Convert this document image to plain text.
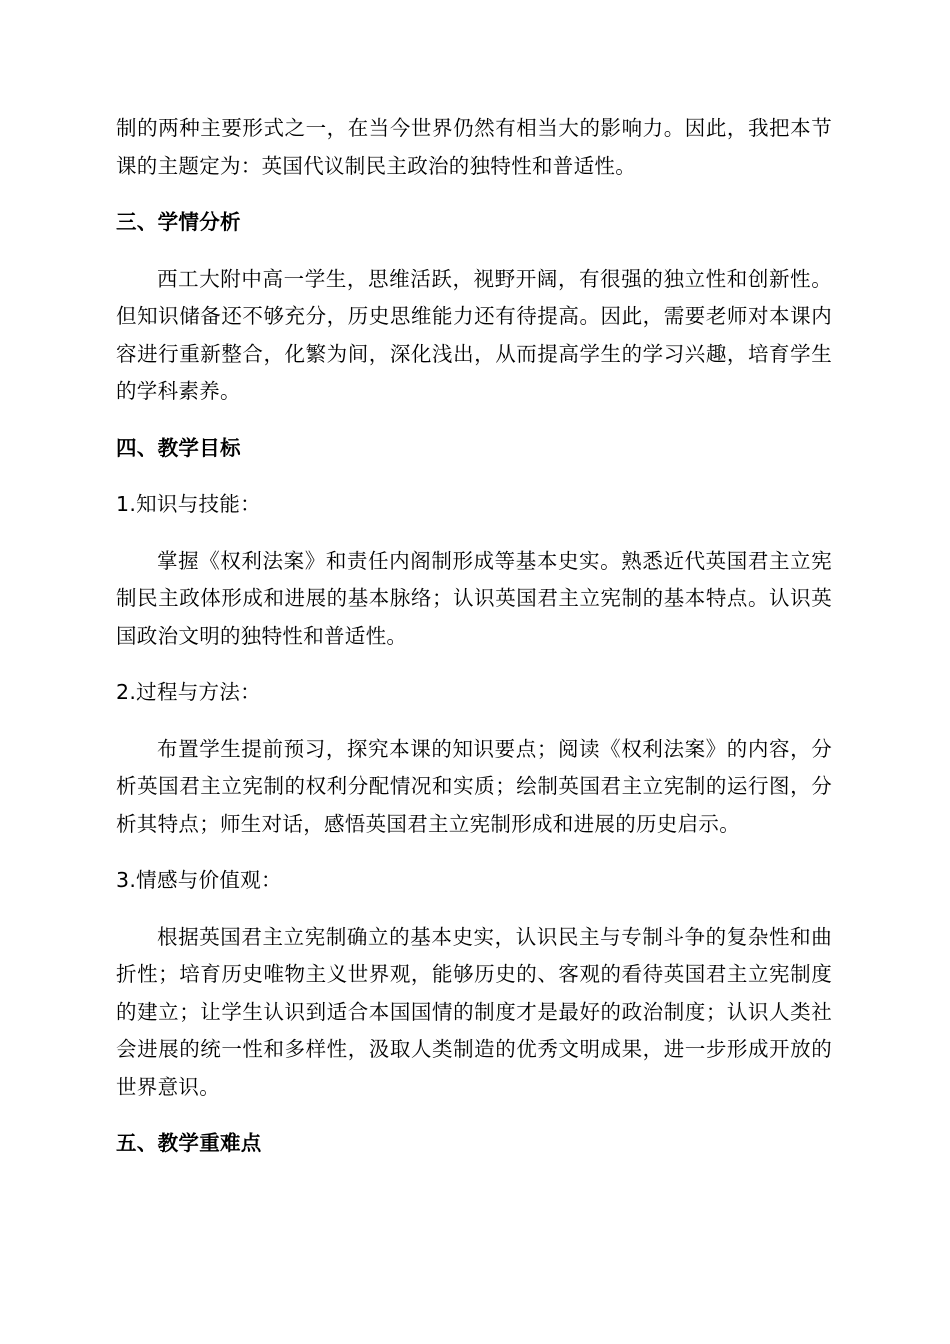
制的两种主要形式之一，在当今世界仍然有相当大的影响力。因此，我把本节课的主题定为：英国代议制民主政治的独特性和普适性。

三、学情分析

西工大附中高一学生，思维活跃，视野开阔，有很强的独立性和创新性。但知识储备还不够充分，历史思维能力还有待提高。因此，需要老师对本课内容进行重新整合，化繁为间，深化浅出，从而提高学生的学习兴趣，培育学生的学科素养。

四、教学目标

1.知识与技能：

掌握《权利法案》和责任内阁制形成等基本史实。熟悉近代英国君主立宪制民主政体形成和进展的基本脉络；认识英国君主立宪制的基本特点。认识英国政治文明的独特性和普适性。

2.过程与方法：

布置学生提前预习，探究本课的知识要点；阅读《权利法案》的内容，分析英国君主立宪制的权利分配情况和实质；绘制英国君主立宪制的运行图，分析其特点；师生对话，感悟英国君主立宪制形成和进展的历史启示。

3.情感与价值观：

根据英国君主立宪制确立的基本史实，认识民主与专制斗争的复杂性和曲折性；培育历史唯物主义世界观，能够历史的、客观的看待英国君主立宪制度的建立；让学生认识到适合本国国情的制度才是最好的政治制度；认识人类社会进展的统一性和多样性，汲取人类制造的优秀文明成果，进一步形成开放的世界意识。

五、教学重难点
